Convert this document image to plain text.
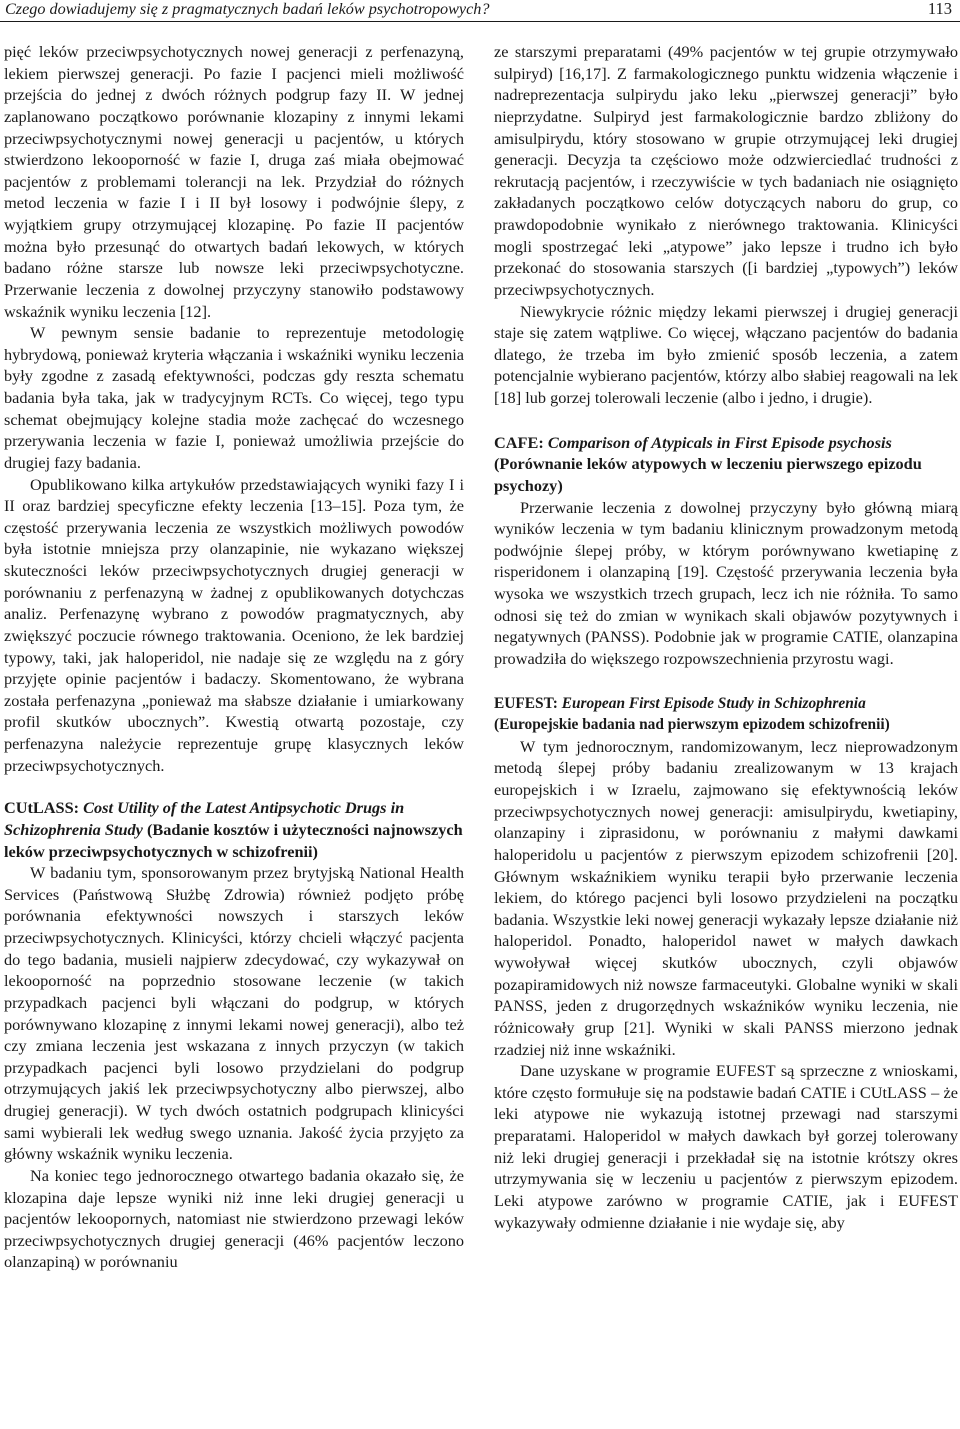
Czego dowiadujemy się z pragmatycznych badań leków psychotropowych?	113

pięć leków przeciwpsychotycznych nowej generacji z perfenazyną, lekiem pierwszej generacji. Po fazie I pacjenci mieli możliwość przejścia do jednej z dwóch różnych podgrup fazy II. W jednej zaplanowano początkowo porównanie klozapiny z innymi lekami przeciwpsychotycznymi nowej generacji u pacjentów, u których stwierdzono lekooporność w fazie I, druga zaś miała obejmować pacjentów z problemami tolerancji na lek. Przydział do różnych metod leczenia w fazie I i II był losowy i podwójnie ślepy, z wyjątkiem grupy otrzymującej klozapinę. Po fazie II pacjentów można było przesunąć do otwartych badań lekowych, w których badano różne starsze lub nowsze leki przeciwpsychotyczne. Przerwanie leczenia z dowolnej przyczyny stanowiło podstawowy wskaźnik wyniku leczenia [12].

W pewnym sensie badanie to reprezentuje metodologię hybrydową, ponieważ kryteria włączania i wskaźniki wyniku leczenia były zgodne z zasadą efektywności, podczas gdy reszta schematu badania była taka, jak w tradycyjnym RCTs. Co więcej, tego typu schemat obejmujący kolejne stadia może zachęcać do wczesnego przerywania leczenia w fazie I, ponieważ umożliwia przejście do drugiej fazy badania.

Opublikowano kilka artykułów przedstawiających wyniki fazy I i II oraz bardziej specyficzne efekty leczenia [13–15]. Poza tym, że częstość przerywania leczenia ze wszystkich możliwych powodów była istotnie mniejsza przy olanzapinie, nie wykazano większej skuteczności leków przeciwpsychotycznych drugiej generacji w porównaniu z perfenazyną w żadnej z opublikowanych dotychczas analiz. Perfenazynę wybrano z powodów pragmatycznych, aby zwiększyć poczucie równego traktowania. Oceniono, że lek bardziej typowy, taki, jak haloperidol, nie nadaje się ze względu na z góry przyjęte opinie pacjentów i badaczy. Skomentowano, że wybrana została perfenazyna „ponieważ ma słabsze działanie i umiarkowany profil skutków ubocznych”. Kwestią otwartą pozostaje, czy perfenazyna należycie reprezentuje grupę klasycznych leków przeciwpsychotycznych.

CUtLASS: Cost Utility of the Latest Antipsychotic Drugs in Schizophrenia Study (Badanie kosztów i użyteczności najnowszych leków przeciwpsychotycznych w schizofrenii)

W badaniu tym, sponsorowanym przez brytyjską National Health Services (Państwową Służbę Zdrowia) również podjęto próbę porównania efektywności nowszych i starszych leków przeciwpsychotycznych. Klinicyści, którzy chcieli włączyć pacjenta do tego badania, musieli najpierw zdecydować, czy wykazywał on lekooporność na poprzednio stosowane leczenie (w takich przypadkach pacjenci byli włączani do podgrup, w których porównywano klozapinę z innymi lekami nowej generacji), albo też czy zmiana leczenia jest wskazana z innych przyczyn (w takich przypadkach pacjenci byli losowo przydzielani do podgrup otrzymujących jakiś lek przeciwpsychotyczny albo pierwszej, albo drugiej generacji). W tych dwóch ostatnich podgrupach klinicyści sami wybierali lek według swego uznania. Jakość życia przyjęto za główny wskaźnik wyniku leczenia.

Na koniec tego jednorocznego otwartego badania okazało się, że klozapina daje lepsze wyniki niż inne leki drugiej generacji u pacjentów lekoopornych, natomiast nie stwierdzono przewagi leków przeciwpsychotycznych drugiej generacji (46% pacjentów leczono olanzapiną) w porównaniu

ze starszymi preparatami (49% pacjentów w tej grupie otrzymywało sulpiryd) [16,17]. Z farmakologicznego punktu widzenia włączenie i nadreprezentacja sulpirydu jako leku „pierwszej generacji” było nieprzydatne. Sulpiryd jest farmakologicznie bardzo zbliżony do amisulpirydu, który stosowano w grupie otrzymującej leki drugiej generacji. Decyzja ta częściowo może odzwierciedlać trudności z rekrutacją pacjentów, i rzeczywiście w tych badaniach nie osiągnięto zakładanych początkowo celów dotyczących naboru do grup, co prawdopodobnie wynikało z nierównego traktowania. Klinicyści mogli spostrzegać leki „atypowe” jako lepsze i trudno ich było przekonać do stosowania starszych ([i bardziej „typowych”) leków przeciwpsychotycznych.

Niewykrycie różnic między lekami pierwszej i drugiej generacji staje się zatem wątpliwe. Co więcej, włączano pacjentów do badania dlatego, że trzeba im było zmienić sposób leczenia, a zatem potencjalnie wybierano pacjentów, którzy albo słabiej reagowali na lek [18] lub gorzej tolerowali leczenie (albo i jedno, i drugie).

CAFE: Comparison of Atypicals in First Episode psychosis (Porównanie leków atypowych w leczeniu pierwszego epizodu psychozy)

Przerwanie leczenia z dowolnej przyczyny było główną miarą wyników leczenia w tym badaniu klinicznym prowadzonym metodą podwójnie ślepej próby, w którym porównywano kwetiapinę z risperidonem i olanzapiną [19]. Częstość przerywania leczenia była wysoka we wszystkich trzech grupach, lecz ich nie różniła. To samo odnosi się też do zmian w wynikach skali objawów pozytywnych i negatywnych (PANSS). Podobnie jak w programie CATIE, olanzapina prowadziła do większego rozpowszechnienia przyrostu wagi.

EUFEST: European First Episode Study in Schizophrenia
(Europejskie badania nad pierwszym epizodem schizofrenii)

W tym jednorocznym, randomizowanym, lecz nieprowadzonym metodą ślepej próby badaniu zrealizowanym w 13 krajach europejskich i w Izraelu, zajmowano się efektywnością leków przeciwpsychotycznych nowej generacji: amisulpirydu, kwetiapiny, olanzapiny i ziprasidonu, w porównaniu z małymi dawkami haloperidolu u pacjentów z pierwszym epizodem schizofrenii [20]. Głównym wskaźnikiem wyniku terapii było przerwanie leczenia lekiem, do którego pacjenci byli losowo przydzieleni na początku badania. Wszystkie leki nowej generacji wykazały lepsze działanie niż haloperidol. Ponadto, haloperidol nawet w małych dawkach wywoływał więcej skutków ubocznych, czyli objawów pozapiramidowych niż nowsze farmaceutyki. Globalne wyniki w skali PANSS, jeden z drugorzędnych wskaźników wyniku leczenia, nie różnicowały grup [21]. Wyniki w skali PANSS mierzono jednak rzadziej niż inne wskaźniki.

Dane uzyskane w programie EUFEST są sprzeczne z wnioskami, które często formułuje się na podstawie badań CATIE i CUtLASS – że leki atypowe nie wykazują istotnej przewagi nad starszymi preparatami. Haloperidol w małych dawkach był gorzej tolerowany niż leki drugiej generacji i przekładał się na istotnie krótszy okres utrzymywania się w leczeniu u pacjentów z pierwszym epizodem. Leki atypowe zarówno w programie CATIE, jak i EUFEST wykazywały odmienne działanie i nie wydaje się, aby
